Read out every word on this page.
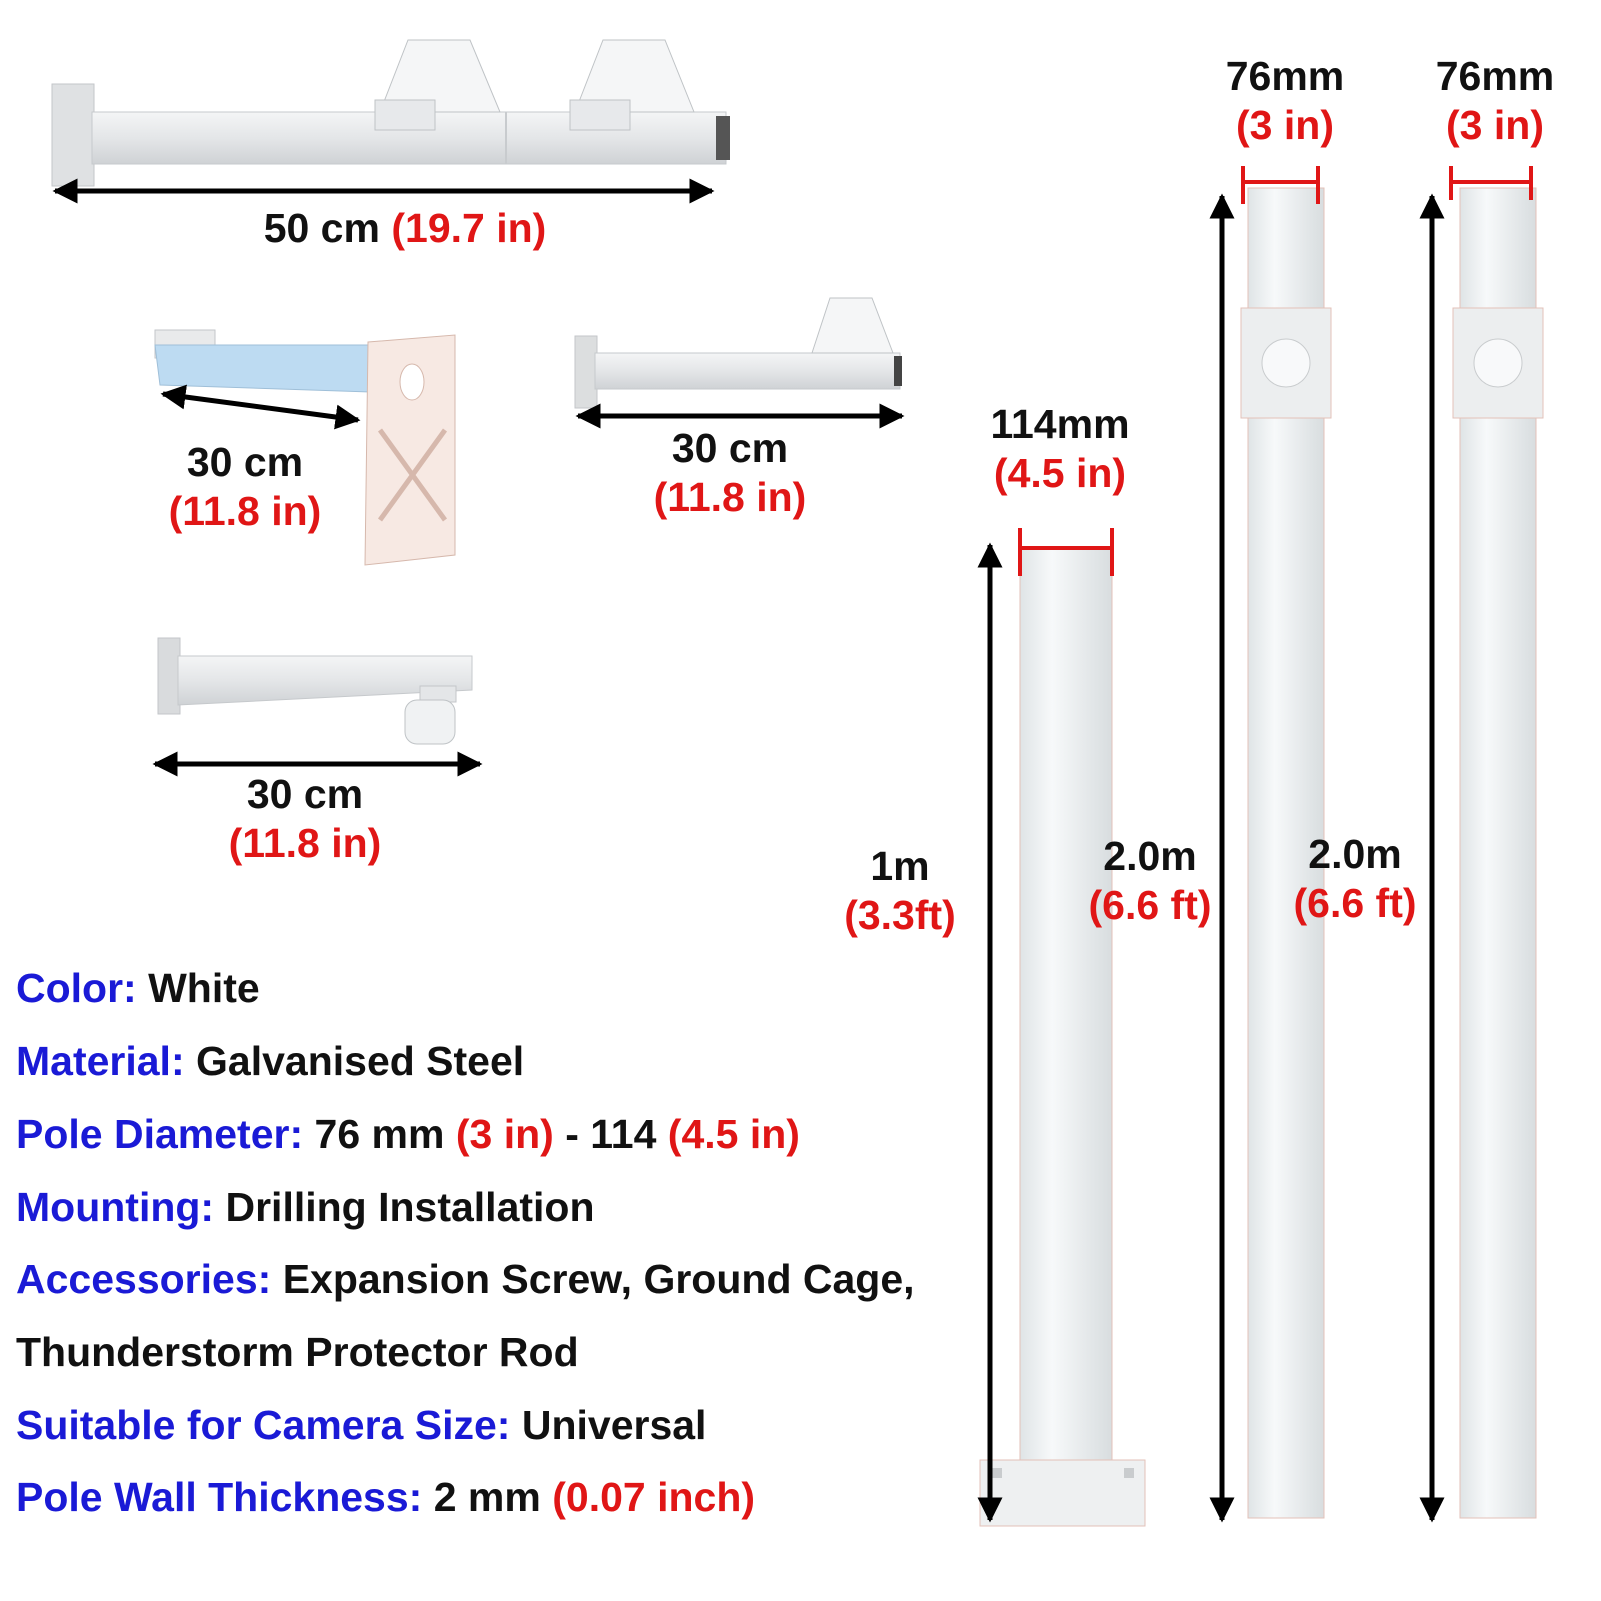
50 cm (19.7 in)
30 cm
(11.8 in)
30 cm
(11.8 in)
30 cm
(11.8 in)
114mm
(4.5 in)
76mm
(3 in)
76mm
(3 in)
1m
(3.3ft)
2.0m
(6.6 ft)
2.0m
(6.6 ft)
Color: White
Material: Galvanised Steel
Pole Diameter: 76 mm (3 in) - 114 (4.5 in)
Mounting: Drilling Installation
Accessories: Expansion Screw, Ground Cage,
Thunderstorm Protector Rod
Suitable for Camera Size: Universal
Pole Wall Thickness: 2 mm (0.07 inch)
